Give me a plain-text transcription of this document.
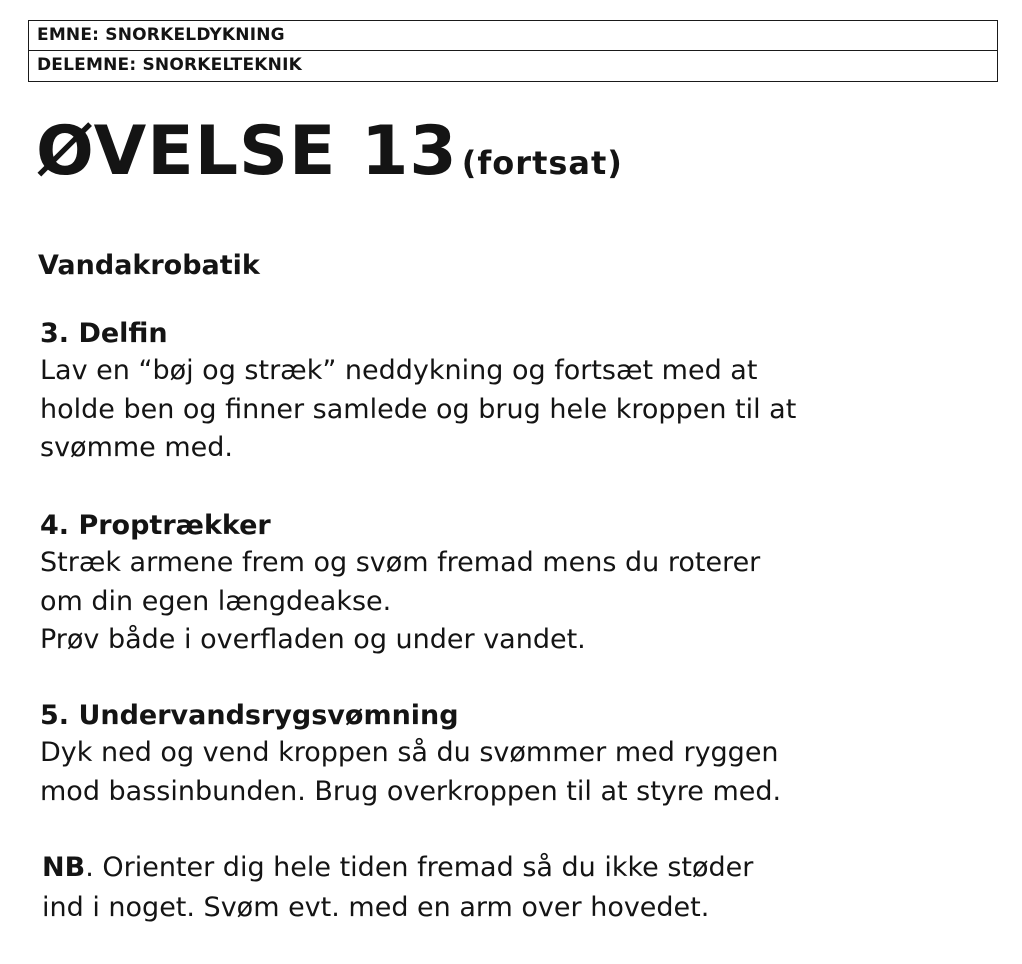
EMNE: SNORKELDYKNING
DELEMNE: SNORKELTEKNIK
ØVELSE 13 (fortsat)
Vandakrobatik
3. Delfin
Lav en “bøj og stræk” neddykning og fortsæt med at
holde ben og finner samlede og brug hele kroppen til at
svømme med.
4. Proptrækker
Stræk armene frem og svøm fremad mens du roterer
om din egen længdeakse.
Prøv både i overfladen og under vandet.
5. Undervandsrygsvømning
Dyk ned og vend kroppen så du svømmer med ryggen
mod bassinbunden. Brug overkroppen til at styre med.
NB. Orienter dig hele tiden fremad så du ikke støder
ind i noget. Svøm evt. med en arm over hovedet.
